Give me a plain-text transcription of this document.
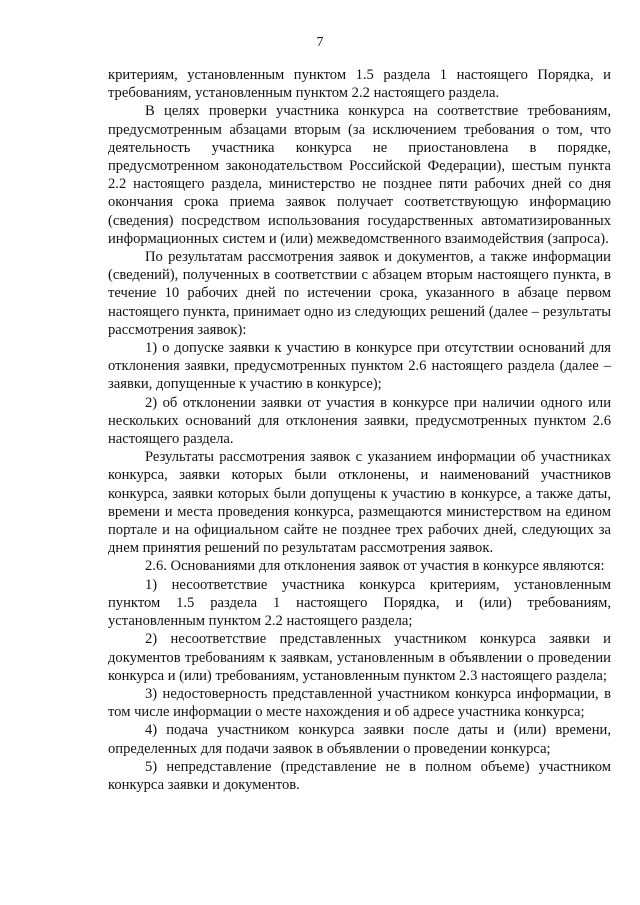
7

критериям, установленным пунктом 1.5 раздела 1 настоящего Порядка, и требованиям, установленным пунктом 2.2 настоящего раздела.

В целях проверки участника конкурса на соответствие требованиям, предусмотренным абзацами вторым (за исключением требования о том, что деятельность участника конкурса не приостановлена в порядке, предусмотренном законодательством Российской Федерации), шестым пункта 2.2 настоящего раздела, министерство не позднее пяти рабочих дней со дня окончания срока приема заявок получает соответствующую информацию (сведения) посредством использования государственных автоматизированных информационных систем и (или) межведомственного взаимодействия (запроса).

По результатам рассмотрения заявок и документов, а также информации (сведений), полученных в соответствии с абзацем вторым настоящего пункта, в течение 10 рабочих дней по истечении срока, указанного в абзаце первом настоящего пункта, принимает одно из следующих решений (далее – результаты рассмотрения заявок):

1) о допуске заявки к участию в конкурсе при отсутствии оснований для отклонения заявки, предусмотренных пунктом 2.6 настоящего раздела (далее – заявки, допущенные к участию в конкурсе);

2) об отклонении заявки от участия в конкурсе при наличии одного или нескольких оснований для отклонения заявки, предусмотренных пунктом 2.6 настоящего раздела.

Результаты рассмотрения заявок с указанием информации об участниках конкурса, заявки которых были отклонены, и наименований участников конкурса, заявки которых были допущены к участию в конкурсе, а также даты, времени и места проведения конкурса, размещаются министерством на едином портале и на официальном сайте не позднее трех рабочих дней, следующих за днем принятия решений по результатам рассмотрения заявок.

2.6. Основаниями для отклонения заявок от участия в конкурсе являются:

1) несоответствие участника конкурса критериям, установленным пунктом 1.5 раздела 1 настоящего Порядка, и (или) требованиям, установленным пунктом 2.2 настоящего раздела;

2) несоответствие представленных участником конкурса заявки и документов требованиям к заявкам, установленным в объявлении о проведении конкурса и (или) требованиям, установленным пунктом 2.3 настоящего раздела;

3) недостоверность представленной участником конкурса информации, в том числе информации о месте нахождения и об адресе участника конкурса;

4) подача участником конкурса заявки после даты и (или) времени, определенных для подачи заявок в объявлении о проведении конкурса;

5) непредставление (представление не в полном объеме) участником конкурса заявки и документов.
